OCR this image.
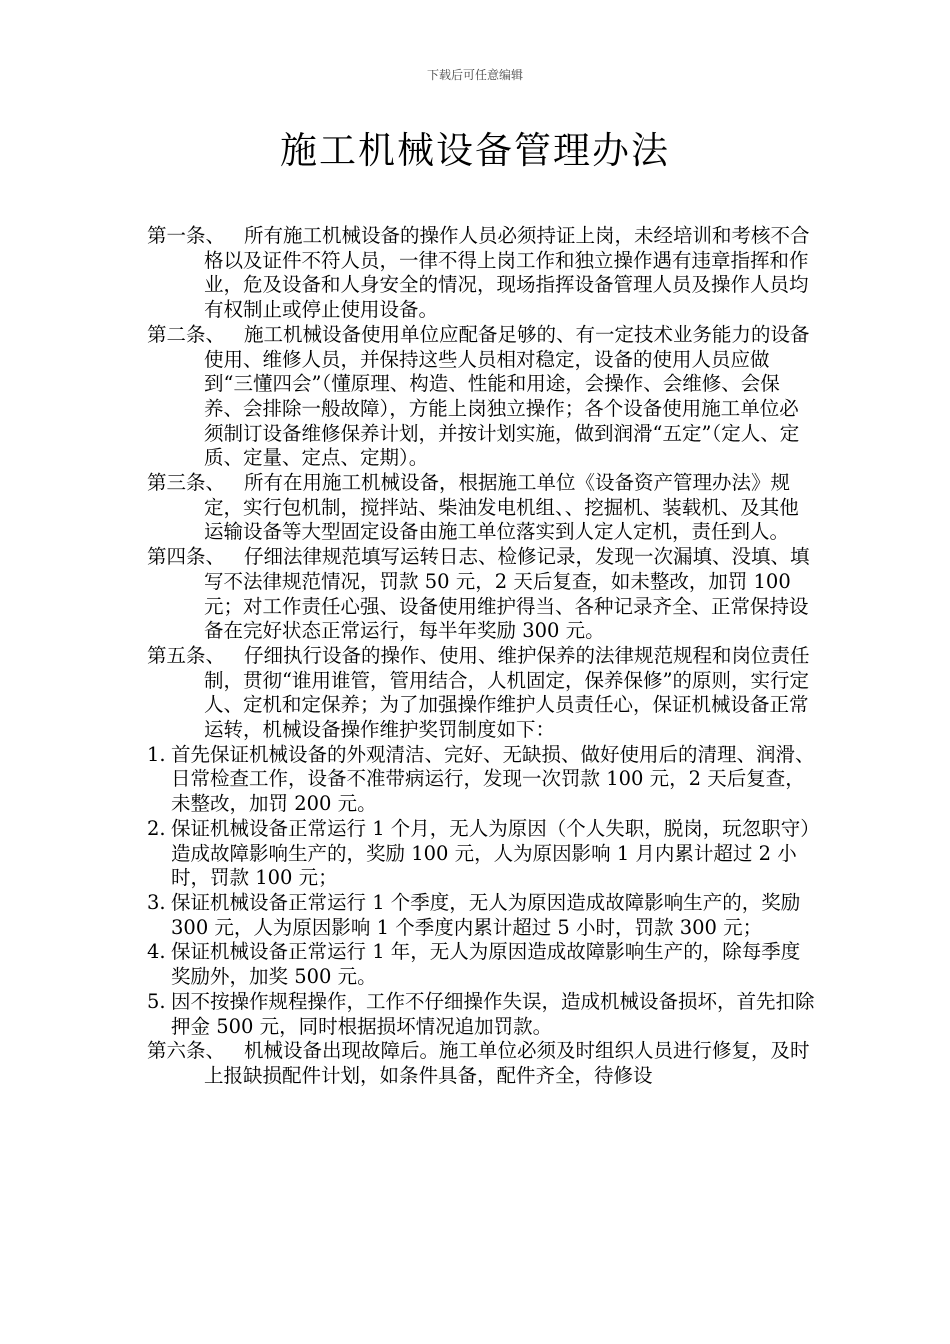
下载后可任意编辑
施工机械设备管理办法
第一条、 所有施工机械设备的操作人员必须持证上岗，未经培训和考核不合格以及证件不符人员，一律不得上岗工作和独立操作遇有违章指挥和作业，危及设备和人身安全的情况，现场指挥设备管理人员及操作人员均有权制止或停止使用设备。
第二条、 施工机械设备使用单位应配备足够的、有一定技术业务能力的设备使用、维修人员，并保持这些人员相对稳定，设备的使用人员应做到“三懂四会”（懂原理、构造、性能和用途，会操作、会维修、会保养、会排除一般故障），方能上岗独立操作；各个设备使用施工单位必须制订设备维修保养计划，并按计划实施，做到润滑“五定”（定人、定质、定量、定点、定期）。
第三条、 所有在用施工机械设备，根据施工单位《设备资产管理办法》规定，实行包机制，搅拌站、柴油发电机组、、挖掘机、装载机、及其他运输设备等大型固定设备由施工单位落实到人定人定机，责任到人。
第四条、 仔细法律规范填写运转日志、检修记录，发现一次漏填、没填、填写不法律规范情况，罚款 50 元，2 天后复查，如未整改，加罚 100 元；对工作责任心强、设备使用维护得当、各种记录齐全、正常保持设备在完好状态正常运行，每半年奖励 300 元。
第五条、 仔细执行设备的操作、使用、维护保养的法律规范规程和岗位责任制，贯彻“谁用谁管，管用结合，人机固定，保养保修”的原则，实行定人、定机和定保养；为了加强操作维护人员责任心，保证机械设备正常运转，机械设备操作维护奖罚制度如下：
1. 首先保证机械设备的外观清洁、完好、无缺损、做好使用后的清理、润滑、日常检查工作，设备不准带病运行，发现一次罚款 100 元，2 天后复查，未整改，加罚 200 元。
2. 保证机械设备正常运行 1 个月，无人为原因（个人失职，脱岗，玩忽职守）造成故障影响生产的，奖励 100 元，人为原因影响 1 月内累计超过 2 小时，罚款 100 元；
3. 保证机械设备正常运行 1 个季度，无人为原因造成故障影响生产的，奖励 300 元，人为原因影响 1 个季度内累计超过 5 小时，罚款 300 元；
4. 保证机械设备正常运行 1 年，无人为原因造成故障影响生产的，除每季度奖励外，加奖 500 元。
5. 因不按操作规程操作，工作不仔细操作失误，造成机械设备损坏，首先扣除押金 500 元，同时根据损坏情况追加罚款。
第六条、 机械设备出现故障后。施工单位必须及时组织人员进行修复，及时上报缺损配件计划，如条件具备，配件齐全，待修设
